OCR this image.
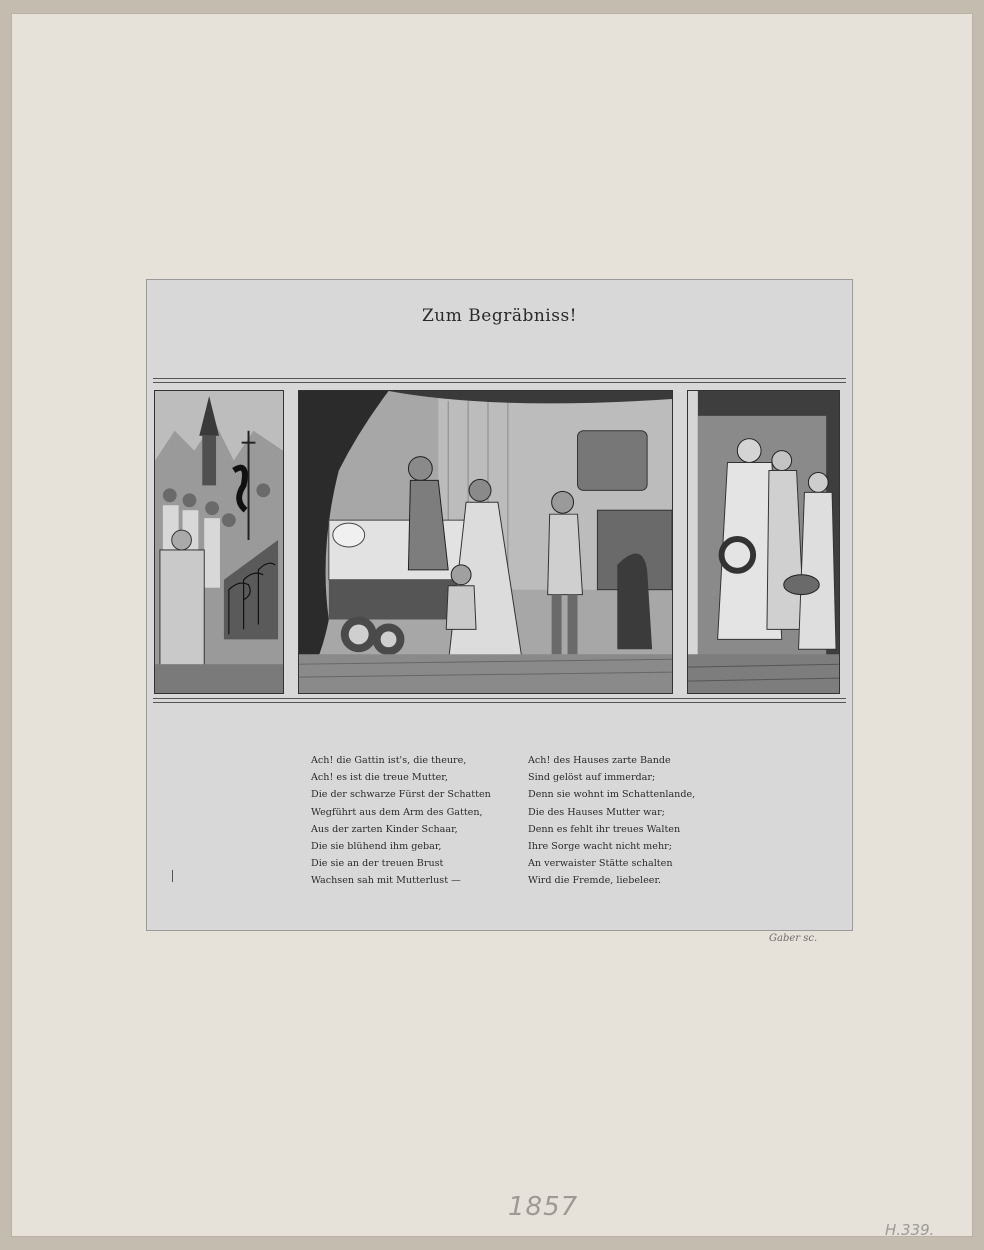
Zum Begräbniss!
Ach! die Gattin ist's, die theure,
Ach! es ist die treue Mutter,
Die der schwarze Fürst der Schatten
Wegführt aus dem Arm des Gatten,
Aus der zarten Kinder Schaar,
Die sie blühend ihm gebar,
Die sie an der treuen Brust
Wachsen sah mit Mutterlust —
Ach! des Hauses zarte Bande
Sind gelöst auf immerdar;
Denn sie wohnt im Schattenlande,
Die des Hauses Mutter war;
Denn es fehlt ihr treues Walten
Ihre Sorge wacht nicht mehr;
An verwaister Stätte schalten
Wird die Fremde, liebeleer.
Gaber sc.
1857
H.339.
